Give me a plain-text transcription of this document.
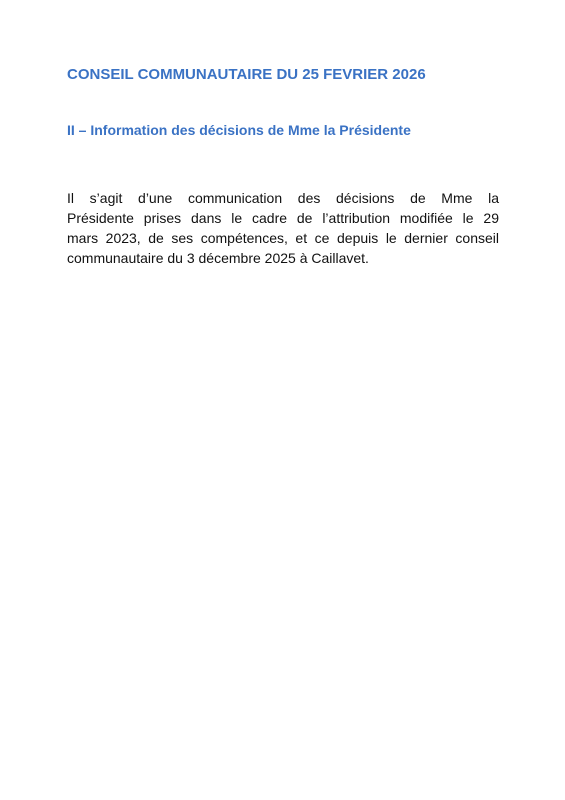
CONSEIL COMMUNAUTAIRE DU 25 FEVRIER 2026
II – Information des décisions de Mme la Présidente

Il s’agit d’une communication des décisions de Mme la
Présidente prises dans le cadre de l’attribution modifiée le 29
mars 2023, de ses compétences, et ce depuis le dernier conseil
communautaire du 3 décembre 2025 à Caillavet.
